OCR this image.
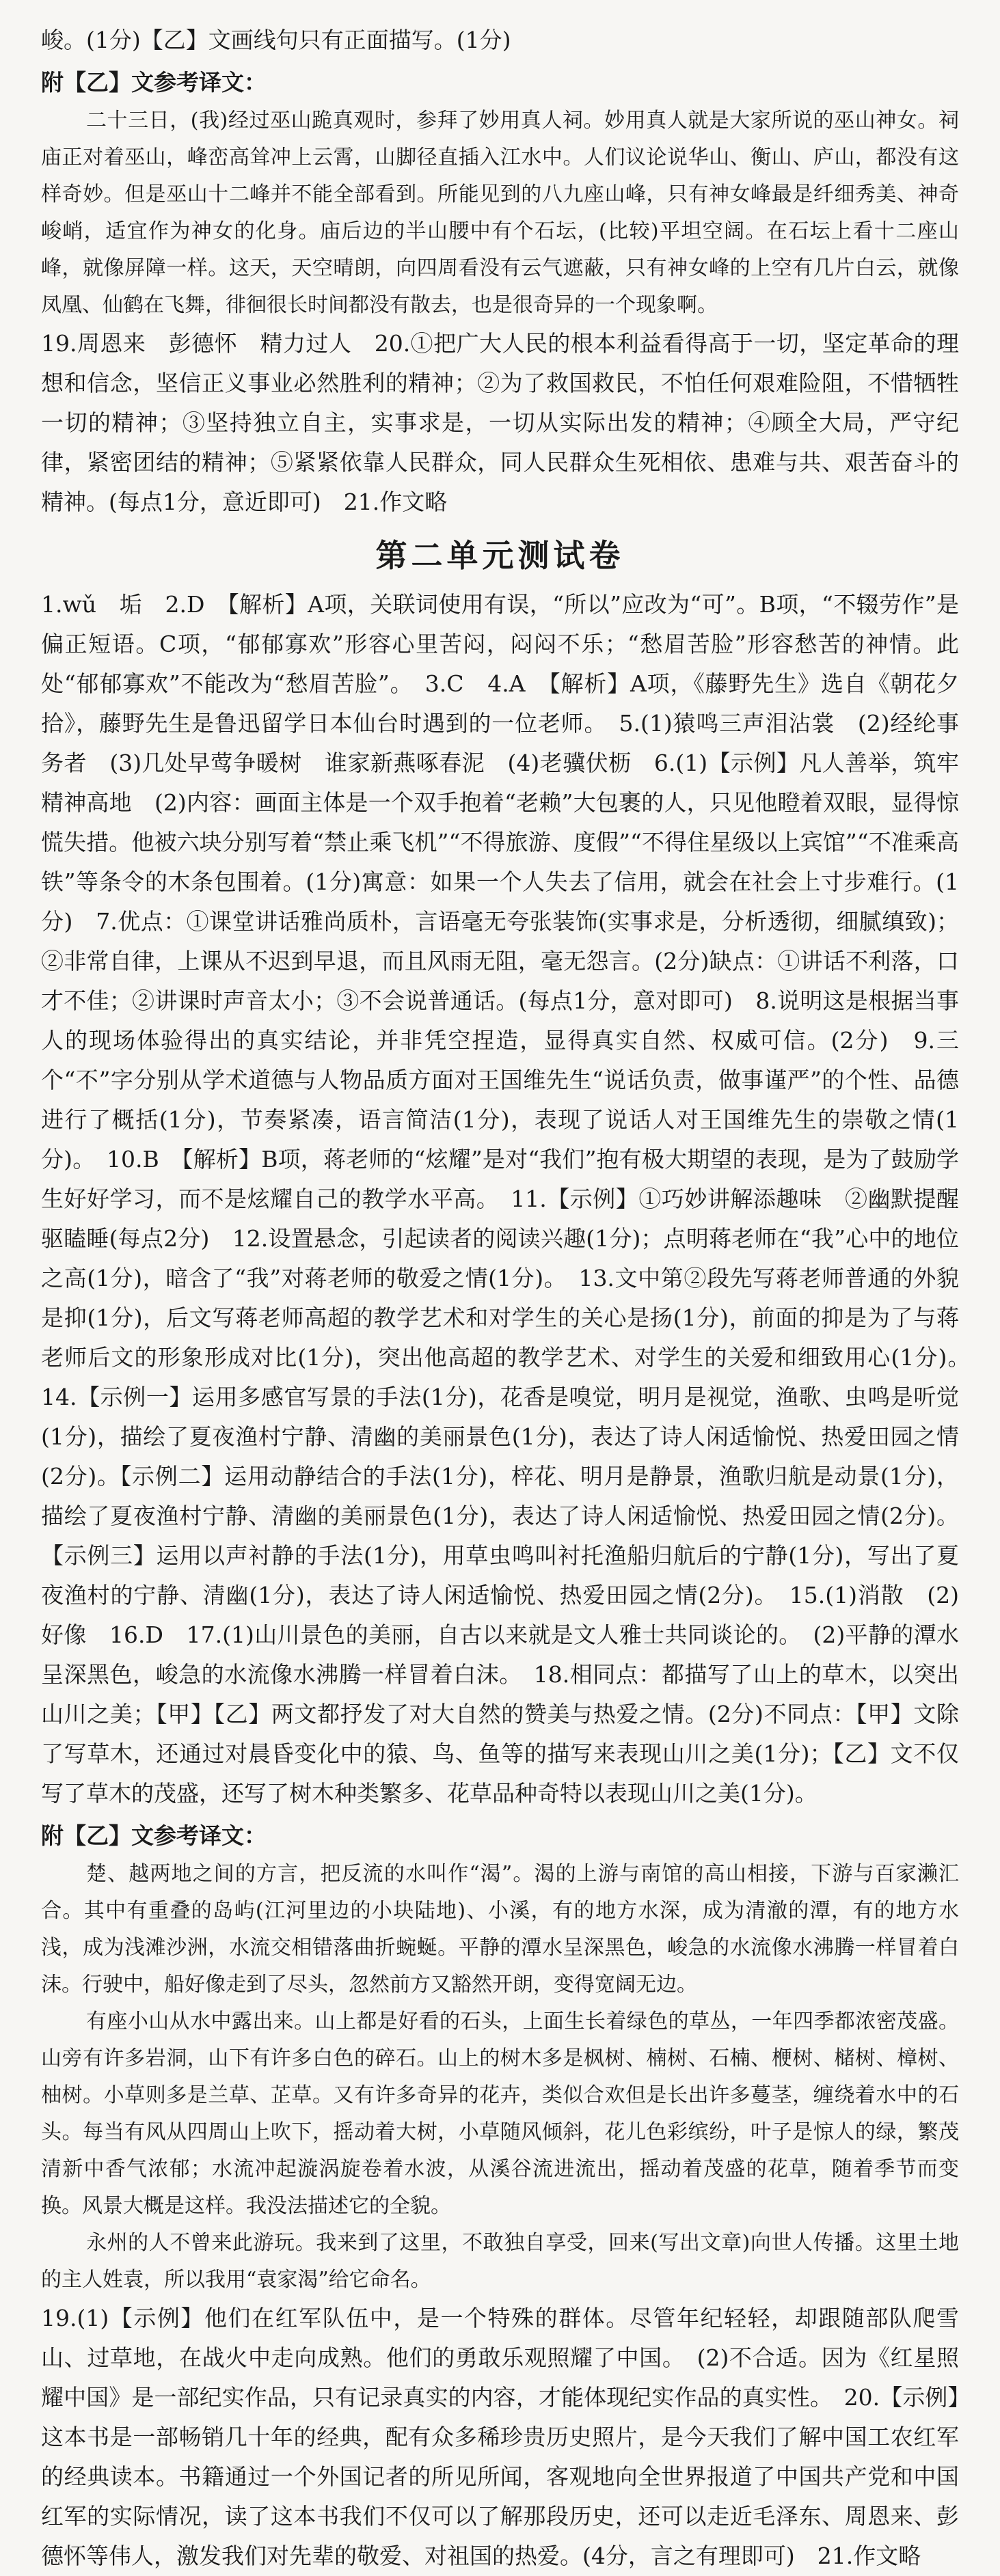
峻。(1分)【乙】文画线句只有正面描写。(1分)

附【乙】文参考译文：

二十三日，(我)经过巫山跪真观时，参拜了妙用真人祠。妙用真人就是大家所说的巫山神女。祠庙正对着巫山，峰峦高耸冲上云霄，山脚径直插入江水中。人们议论说华山、衡山、庐山，都没有这样奇妙。但是巫山十二峰并不能全部看到。所能见到的八九座山峰，只有神女峰最是纤细秀美、神奇峻峭，适宜作为神女的化身。庙后边的半山腰中有个石坛，(比较)平坦空阔。在石坛上看十二座山峰，就像屏障一样。这天，天空晴朗，向四周看没有云气遮蔽，只有神女峰的上空有几片白云，就像凤凰、仙鹤在飞舞，徘徊很长时间都没有散去，也是很奇异的一个现象啊。

19.周恩来　彭德怀　精力过人　20.①把广大人民的根本利益看得高于一切，坚定革命的理想和信念，坚信正义事业必然胜利的精神；②为了救国救民，不怕任何艰难险阻，不惜牺牲一切的精神；③坚持独立自主，实事求是，一切从实际出发的精神；④顾全大局，严守纪律，紧密团结的精神；⑤紧紧依靠人民群众，同人民群众生死相依、患难与共、艰苦奋斗的精神。(每点1分，意近即可)　21.作文略

第二单元测试卷

1.wǔ　垢　2.D　【解析】A项，关联词使用有误，“所以”应改为“可”。B项，“不辍劳作”是偏正短语。C项，“郁郁寡欢”形容心里苦闷，闷闷不乐；“愁眉苦脸”形容愁苦的神情。此处“郁郁寡欢”不能改为“愁眉苦脸”。　3.C　4.A　【解析】A项，《藤野先生》选自《朝花夕拾》，藤野先生是鲁迅留学日本仙台时遇到的一位老师。　5.(1)猿鸣三声泪沾裳　(2)经纶事务者　(3)几处早莺争暖树　谁家新燕啄春泥　(4)老骥伏枥　6.(1)【示例】凡人善举，筑牢精神高地　(2)内容：画面主体是一个双手抱着“老赖”大包裹的人，只见他瞪着双眼，显得惊慌失措。他被六块分别写着“禁止乘飞机”“不得旅游、度假”“不得住星级以上宾馆”“不准乘高铁”等条令的木条包围着。(1分)寓意：如果一个人失去了信用，就会在社会上寸步难行。(1分)　7.优点：①课堂讲话雅尚质朴，言语毫无夸张装饰(实事求是，分析透彻，细腻缜致)；②非常自律，上课从不迟到早退，而且风雨无阻，毫无怨言。(2分)缺点：①讲话不利落，口才不佳；②讲课时声音太小；③不会说普通话。(每点1分，意对即可)　8.说明这是根据当事人的现场体验得出的真实结论，并非凭空捏造，显得真实自然、权威可信。(2分)　9.三个“不”字分别从学术道德与人物品质方面对王国维先生“说话负责，做事谨严”的个性、品德进行了概括(1分)，节奏紧凑，语言简洁(1分)，表现了说话人对王国维先生的崇敬之情(1分)。　10.B　【解析】B项，蒋老师的“炫耀”是对“我们”抱有极大期望的表现，是为了鼓励学生好好学习，而不是炫耀自己的教学水平高。　11.【示例】①巧妙讲解添趣味　②幽默提醒驱瞌睡(每点2分)　12.设置悬念，引起读者的阅读兴趣(1分)；点明蒋老师在“我”心中的地位之高(1分)，暗含了“我”对蒋老师的敬爱之情(1分)。　13.文中第②段先写蒋老师普通的外貌是抑(1分)，后文写蒋老师高超的教学艺术和对学生的关心是扬(1分)，前面的抑是为了与蒋老师后文的形象形成对比(1分)，突出他高超的教学艺术、对学生的关爱和细致用心(1分)。　14.【示例一】运用多感官写景的手法(1分)，花香是嗅觉，明月是视觉，渔歌、虫鸣是听觉(1分)，描绘了夏夜渔村宁静、清幽的美丽景色(1分)，表达了诗人闲适愉悦、热爱田园之情(2分)。【示例二】运用动静结合的手法(1分)，梓花、明月是静景，渔歌归航是动景(1分)，描绘了夏夜渔村宁静、清幽的美丽景色(1分)，表达了诗人闲适愉悦、热爱田园之情(2分)。【示例三】运用以声衬静的手法(1分)，用草虫鸣叫衬托渔船归航后的宁静(1分)，写出了夏夜渔村的宁静、清幽(1分)，表达了诗人闲适愉悦、热爱田园之情(2分)。　15.(1)消散　(2)好像　16.D　17.(1)山川景色的美丽，自古以来就是文人雅士共同谈论的。　(2)平静的潭水呈深黑色，峻急的水流像水沸腾一样冒着白沫。　18.相同点：都描写了山上的草木，以突出山川之美；【甲】【乙】两文都抒发了对大自然的赞美与热爱之情。(2分)不同点：【甲】文除了写草木，还通过对晨昏变化中的猿、鸟、鱼等的描写来表现山川之美(1分)；【乙】文不仅写了草木的茂盛，还写了树木种类繁多、花草品种奇特以表现山川之美(1分)。

附【乙】文参考译文：

楚、越两地之间的方言，把反流的水叫作“渴”。渴的上游与南馆的高山相接，下游与百家濑汇合。其中有重叠的岛屿(江河里边的小块陆地)、小溪，有的地方水深，成为清澈的潭，有的地方水浅，成为浅滩沙洲，水流交相错落曲折蜿蜒。平静的潭水呈深黑色，峻急的水流像水沸腾一样冒着白沫。行驶中，船好像走到了尽头，忽然前方又豁然开朗，变得宽阔无边。

有座小山从水中露出来。山上都是好看的石头，上面生长着绿色的草丛，一年四季都浓密茂盛。山旁有许多岩洞，山下有许多白色的碎石。山上的树木多是枫树、楠树、石楠、楩树、槠树、樟树、柚树。小草则多是兰草、芷草。又有许多奇异的花卉，类似合欢但是长出许多蔓茎，缠绕着水中的石头。每当有风从四周山上吹下，摇动着大树，小草随风倾斜，花儿色彩缤纷，叶子是惊人的绿，繁茂清新中香气浓郁；水流冲起漩涡旋卷着水波，从溪谷流进流出，摇动着茂盛的花草，随着季节而变换。风景大概是这样。我没法描述它的全貌。

永州的人不曾来此游玩。我来到了这里，不敢独自享受，回来(写出文章)向世人传播。这里土地的主人姓袁，所以我用“袁家渴”给它命名。

19.(1)【示例】他们在红军队伍中，是一个特殊的群体。尽管年纪轻轻，却跟随部队爬雪山、过草地，在战火中走向成熟。他们的勇敢乐观照耀了中国。　(2)不合适。因为《红星照耀中国》是一部纪实作品，只有记录真实的内容，才能体现纪实作品的真实性。　20.【示例】这本书是一部畅销几十年的经典，配有众多稀珍贵历史照片，是今天我们了解中国工农红军的经典读本。书籍通过一个外国记者的所见所闻，客观地向全世界报道了中国共产党和中国红军的实际情况，读了这本书我们不仅可以了解那段历史，还可以走近毛泽东、周恩来、彭德怀等伟人，激发我们对先辈的敬爱、对祖国的热爱。(4分，言之有理即可)　21.作文略
